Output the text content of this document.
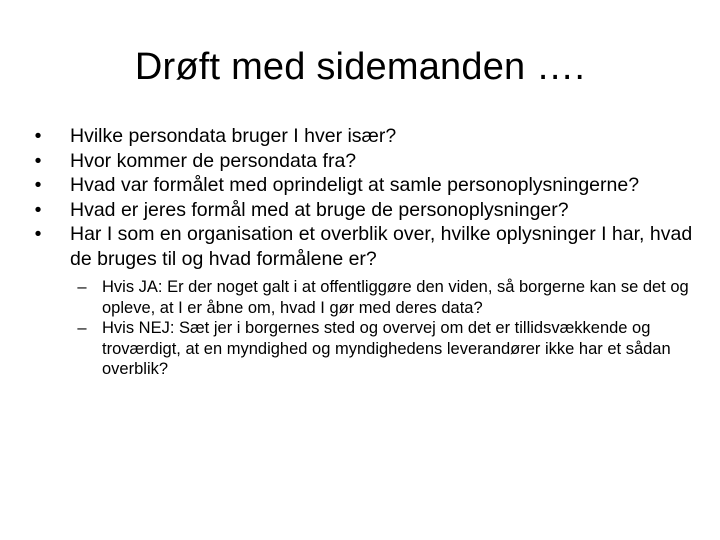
Drøft med sidemanden ….
• Hvilke persondata bruger I hver især?
• Hvor kommer de persondata fra?
• Hvad var formålet med oprindeligt at samle personoplysningerne?
• Hvad er jeres formål med at bruge de personoplysninger?
• Har I som en organisation et overblik over, hvilke oplysninger I har, hvad de bruges til og hvad formålene er?
– Hvis JA: Er der noget galt i at offentliggøre den viden, så borgerne kan se det og opleve, at I er åbne om, hvad I gør med deres data?
– Hvis NEJ: Sæt jer i borgernes sted og overvej om det er tillidsvækkende og troværdigt, at en myndighed og myndighedens leverandører ikke har et sådan overblik?
